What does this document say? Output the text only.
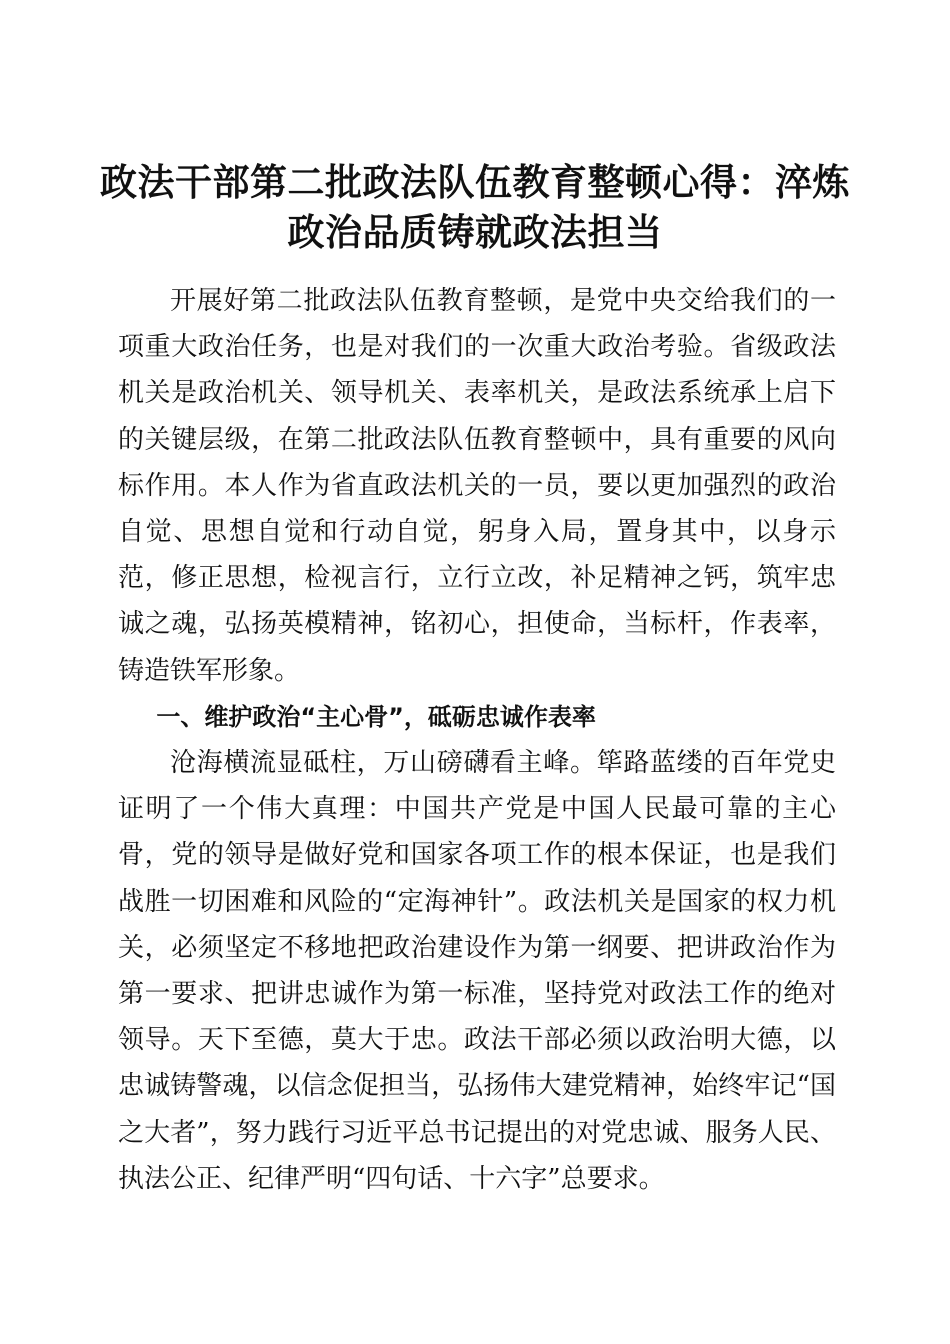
政法干部第二批政法队伍教育整顿心得：淬炼
政治品质铸就政法担当

开展好第二批政法队伍教育整顿，是党中央交给我们的一项重大政治任务，也是对我们的一次重大政治考验。省级政法机关是政治机关、领导机关、表率机关，是政法系统承上启下的关键层级，在第二批政法队伍教育整顿中，具有重要的风向标作用。本人作为省直政法机关的一员，要以更加强烈的政治自觉、思想自觉和行动自觉，躬身入局，置身其中，以身示范，修正思想，检视言行，立行立改，补足精神之钙，筑牢忠诚之魂，弘扬英模精神，铭初心，担使命，当标杆，作表率，铸造铁军形象。

一、维护政治“主心骨”，砥砺忠诚作表率

沧海横流显砥柱，万山磅礴看主峰。筚路蓝缕的百年党史证明了一个伟大真理：中国共产党是中国人民最可靠的主心骨，党的领导是做好党和国家各项工作的根本保证，也是我们战胜一切困难和风险的“定海神针”。政法机关是国家的权力机关，必须坚定不移地把政治建设作为第一纲要、把讲政治作为第一要求、把讲忠诚作为第一标准，坚持党对政法工作的绝对领导。天下至德，莫大于忠。政法干部必须以政治明大德，以忠诚铸警魂，以信念促担当，弘扬伟大建党精神，始终牢记“国之大者”，努力践行习近平总书记提出的对党忠诚、服务人民、执法公正、纪律严明“四句话、十六字”总要求。
